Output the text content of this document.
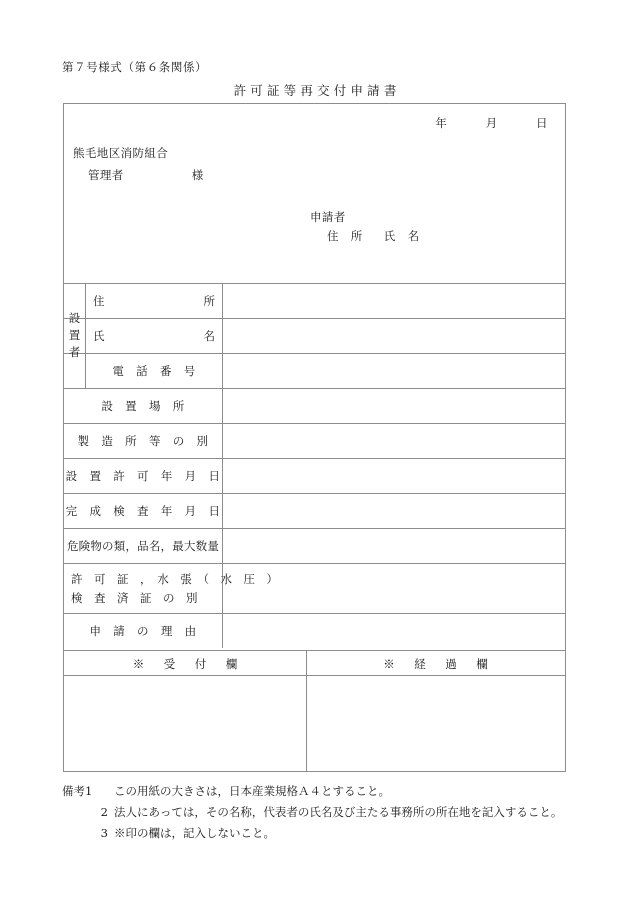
第７号様式（第６条関係）
許可証等再交付申請書
年	月	日
熊毛地区消防組合
管理者	様
申請者
住　所 氏　名
設
置
者
住	所
氏	名
電　話　番　号
設　置　場　所
製　造　所　等　の　別
設　置　許　可　年　月　日
完　成　検　査　年　月　日
危険物の類，品名，最大数量
許　可　証　，　水　張　（　水　圧　）
検　査　済　証　の　別
申　請　の　理　由
※　受　付　欄	※　経　過　欄
備考1	この用紙の大きさは，日本産業規格Ａ４とすること。
2 法人にあっては，その名称，代表者の氏名及び主たる事務所の所在地を記入すること。
3 ※印の欄は，記入しないこと。
